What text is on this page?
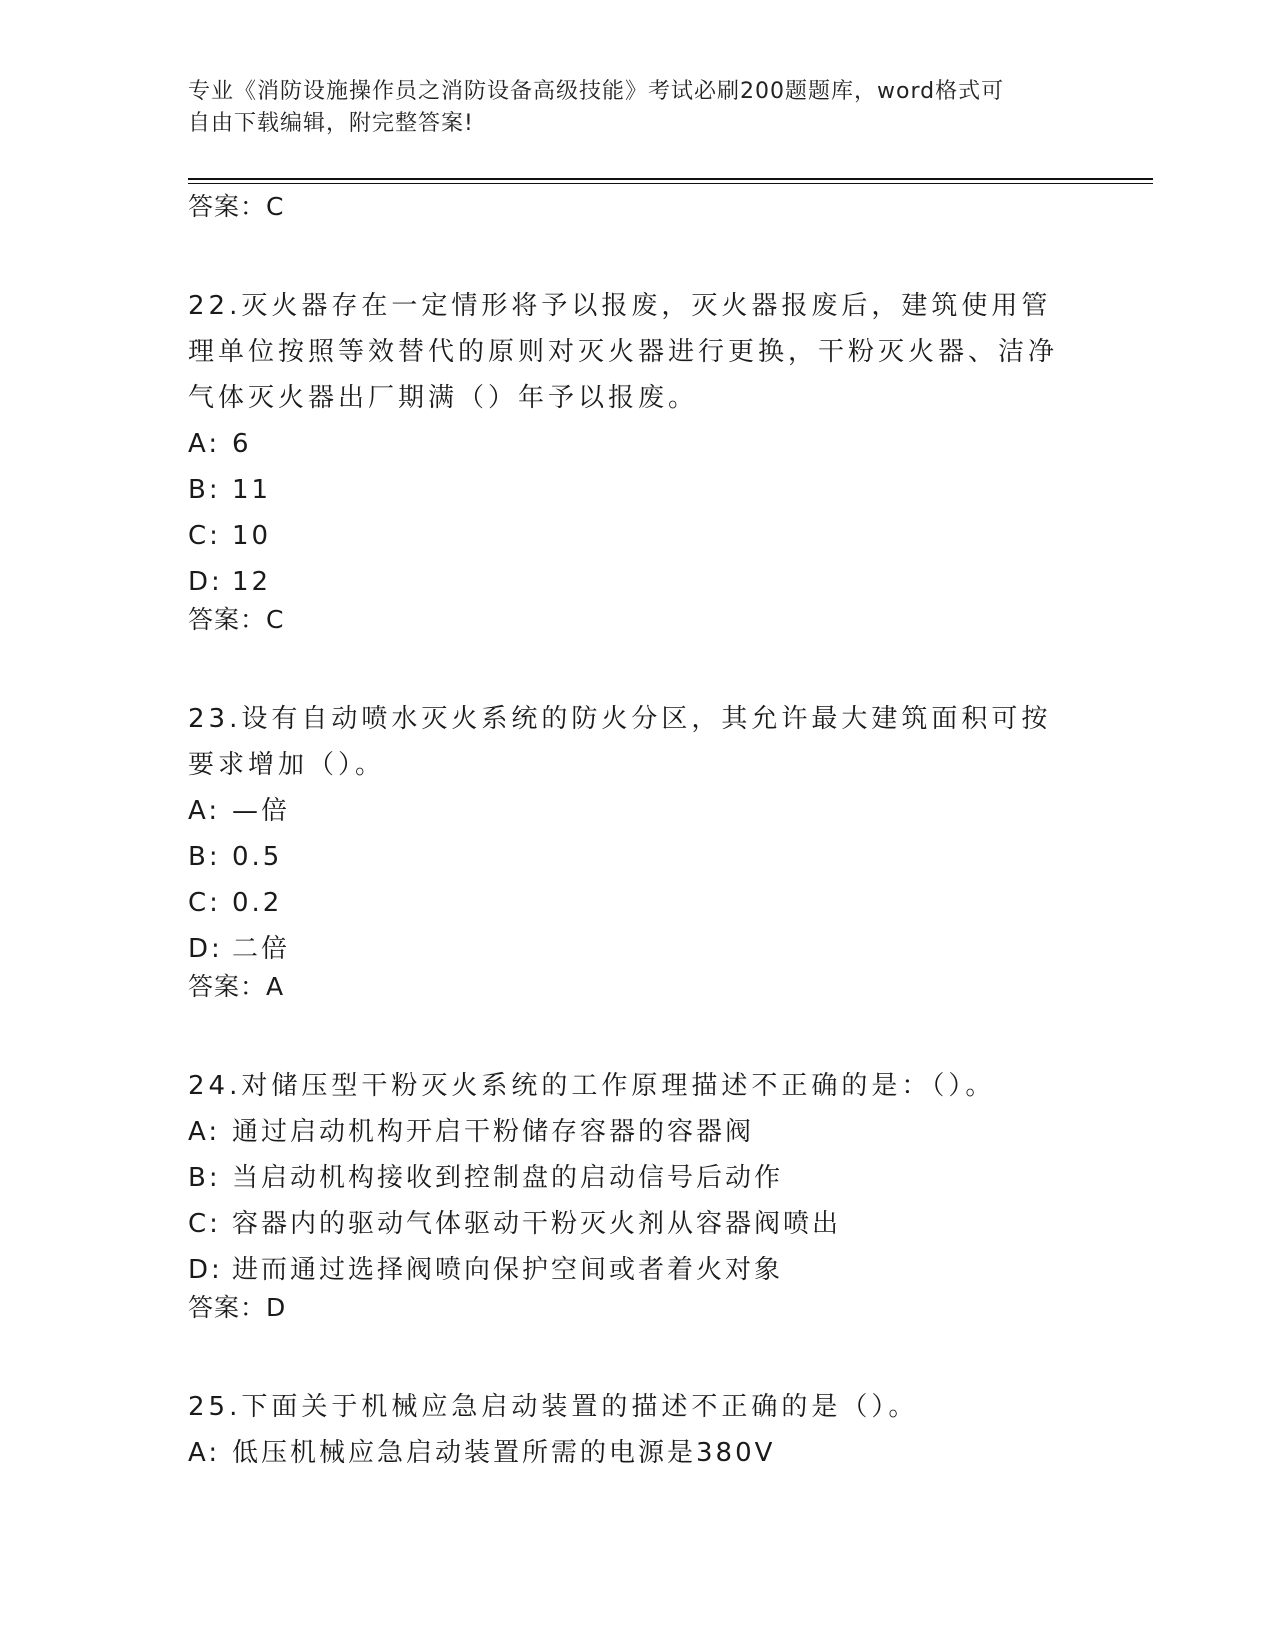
专业《消防设施操作员之消防设备高级技能》考试必刷200题题库，word格式可
自由下载编辑，附完整答案!
答案：C
22.灭火器存在一定情形将予以报废，灭火器报废后，建筑使用管理单位按照等效替代的原则对灭火器进行更换，干粉灭火器、洁净气体灭火器出厂期满（）年予以报废。
A: 6
B: 11
C: 10
D: 12
答案：C
23.设有自动喷水灭火系统的防火分区，其允许最大建筑面积可按要求增加（）。
A: —倍
B: 0.5
C: 0.2
D: 二倍
答案：A
24.对储压型干粉灭火系统的工作原理描述不正确的是：（）。
A: 通过启动机构开启干粉储存容器的容器阀
B: 当启动机构接收到控制盘的启动信号后动作
C: 容器内的驱动气体驱动干粉灭火剂从容器阀喷出
D: 进而通过选择阀喷向保护空间或者着火对象
答案：D
25.下面关于机械应急启动装置的描述不正确的是（）。
A: 低压机械应急启动装置所需的电源是380V
